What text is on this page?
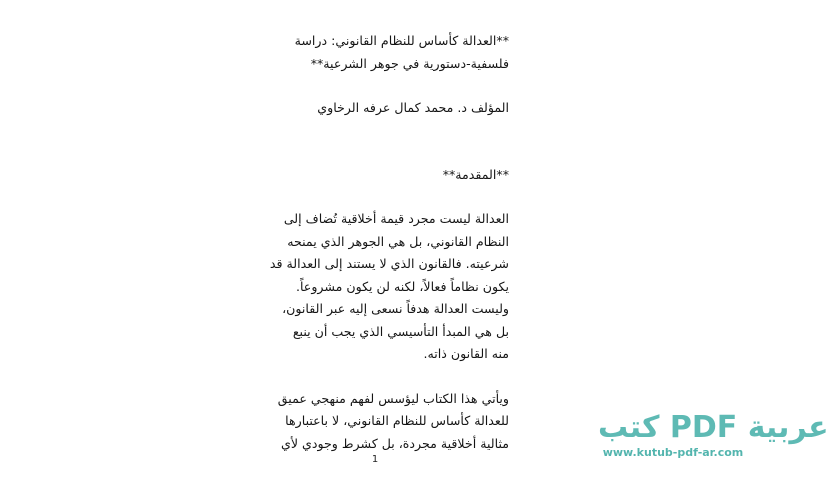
**العدالة كأساس للنظام القانوني: دراسة
فلسفية-دستورية في جوهر الشرعية**

المؤلف د. محمد كمال عرفه الرخاوي

**المقدمة**

العدالة ليست مجرد قيمة أخلاقية تُضاف إلى
النظام القانوني، بل هي الجوهر الذي يمنحه
شرعيته. فالقانون الذي لا يستند إلى العدالة قد
يكون نظاماً ‌فعالاً‌، لكنه لن يكون مشروعاً‌.
وليست العدالة هدفاً‌ نسعى إليه عبر القانون،
بل هي المبدأ التأسيسي الذي يجب أن ينبع
منه القانون ذاته.

ويأتي هذا الكتاب ليؤسس لفهم منهجي عميق
للعدالة كأساس للنظام القانوني، لا باعتبارها
مثالية أخلاقية مجردة، بل كشرط وجودي لأي

1
كتب PDF عربية
www.kutub-pdf-ar.com
